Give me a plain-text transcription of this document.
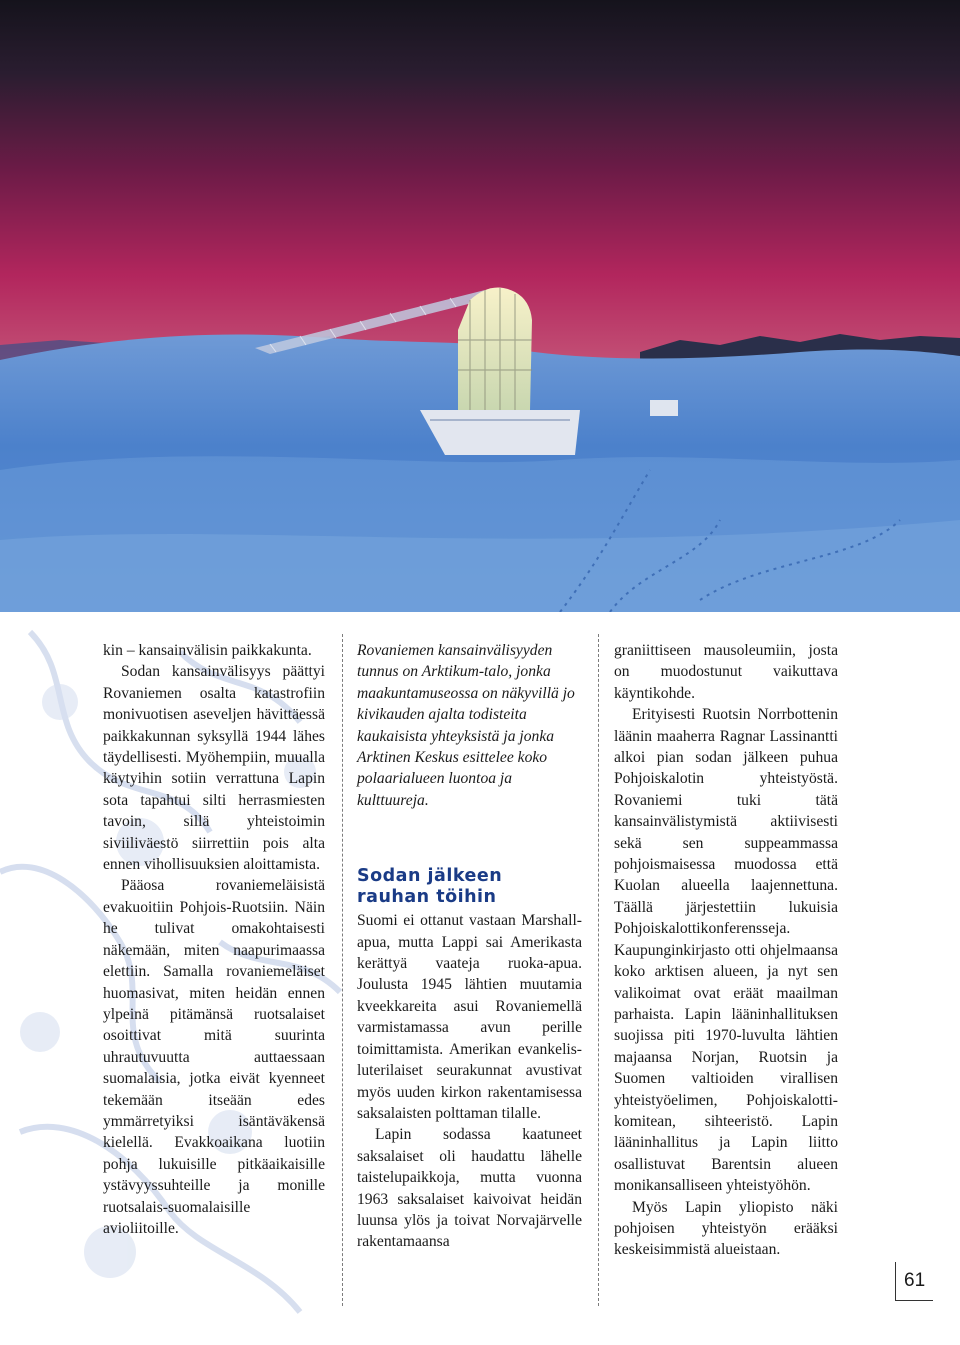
kin – kansainvälisin paikkakunta.

Sodan kansainvälisyys päättyi Rovaniemen osalta katastrofiin monivuotisen aseveljen hävittäessä paikkakunnan syksyllä 1944 lähes täydellisesti. Myöhempiin, muualla käytyihin sotiin verrattuna Lapin sota tapahtui silti herrasmiesten tavoin, sillä yhteistoimin siviiliväestö siirrettiin pois alta ennen vihollisuuksien aloittamista.

Pääosa rovaniemeläisistä evakuoitiin Pohjois-Ruotsiin. Näin he tulivat omakohtaisesti näkemään, miten naapurimaassa elettiin. Samalla rovaniemeläiset huomasivat, miten heidän ennen ylpeinä pitämänsä ruotsalaiset osoittivat mitä suurinta uhrautuvuutta auttaessaan suomalaisia, jotka eivät kyenneet tekemään itseään edes ymmärretyiksi isäntäväkensä kielellä. Evakkoaikana luotiin pohja lukuisille pitkäaikaisille ystävyyssuhteille ja monille ruotsalais-suomalaisille avioliitoille.

Rovaniemen kansainvälisyyden tunnus on Arktikum-talo, jonka maakuntamuseossa on näkyvillä jo kivikauden ajalta todisteita kaukaisista yhteyksistä ja jonka Arktinen Keskus esittelee koko polaarialueen luontoa ja kulttuureja.

Sodan jälkeen
rauhan töihin

Suomi ei ottanut vastaan Marshall-apua, mutta Lappi sai Amerikasta kerättyä vaateja ruoka-apua. Joulusta 1945 lähtien muutamia kveekkareita asui Rovaniemellä varmistamassa avun perille toimittamista. Amerikan evankelis-luterilaiset seurakunnat avustivat myös uuden kirkon rakentamisessa saksalaisten polttaman tilalle.

Lapin sodassa kaatuneet saksalaiset oli haudattu lähelle taistelupaikkoja, mutta vuonna 1963 saksalaiset kaivoivat heidän luunsa ylös ja toivat Norvajärvelle rakentamaansa

graniittiseen mausoleumiin, josta on muodostunut vaikuttava käyntikohde.

Erityisesti Ruotsin Norrbottenin läänin maaherra Ragnar Lassinantti alkoi pian sodan jälkeen puhua Pohjoiskalotin yhteistyöstä. Rovaniemi tuki tätä kansainvälistymistä aktiivisesti sekä sen suppeammassa pohjoismaisessa muodossa että Kuolan alueella laajennettuna. Täällä järjestettiin lukuisia Pohjoiskalottikonferensseja. Kaupunginkirjasto otti ohjelmaansa koko arktisen alueen, ja nyt sen valikoimat ovat eräät maailman parhaista. Lapin lääninhallituksen suojissa piti 1970-luvulta lähtien majaansa Norjan, Ruotsin ja Suomen valtioiden virallisen yhteistyöelimen, Pohjoiskalotti-komitean, sihteeristö. Lapin lääninhallitus ja Lapin liitto osallistuvat Barentsin alueen monikansalliseen yhteistyöhön.

Myös Lapin yliopisto näki pohjoisen yhteistyön erääksi keskeisimmistä alueistaan.

61
